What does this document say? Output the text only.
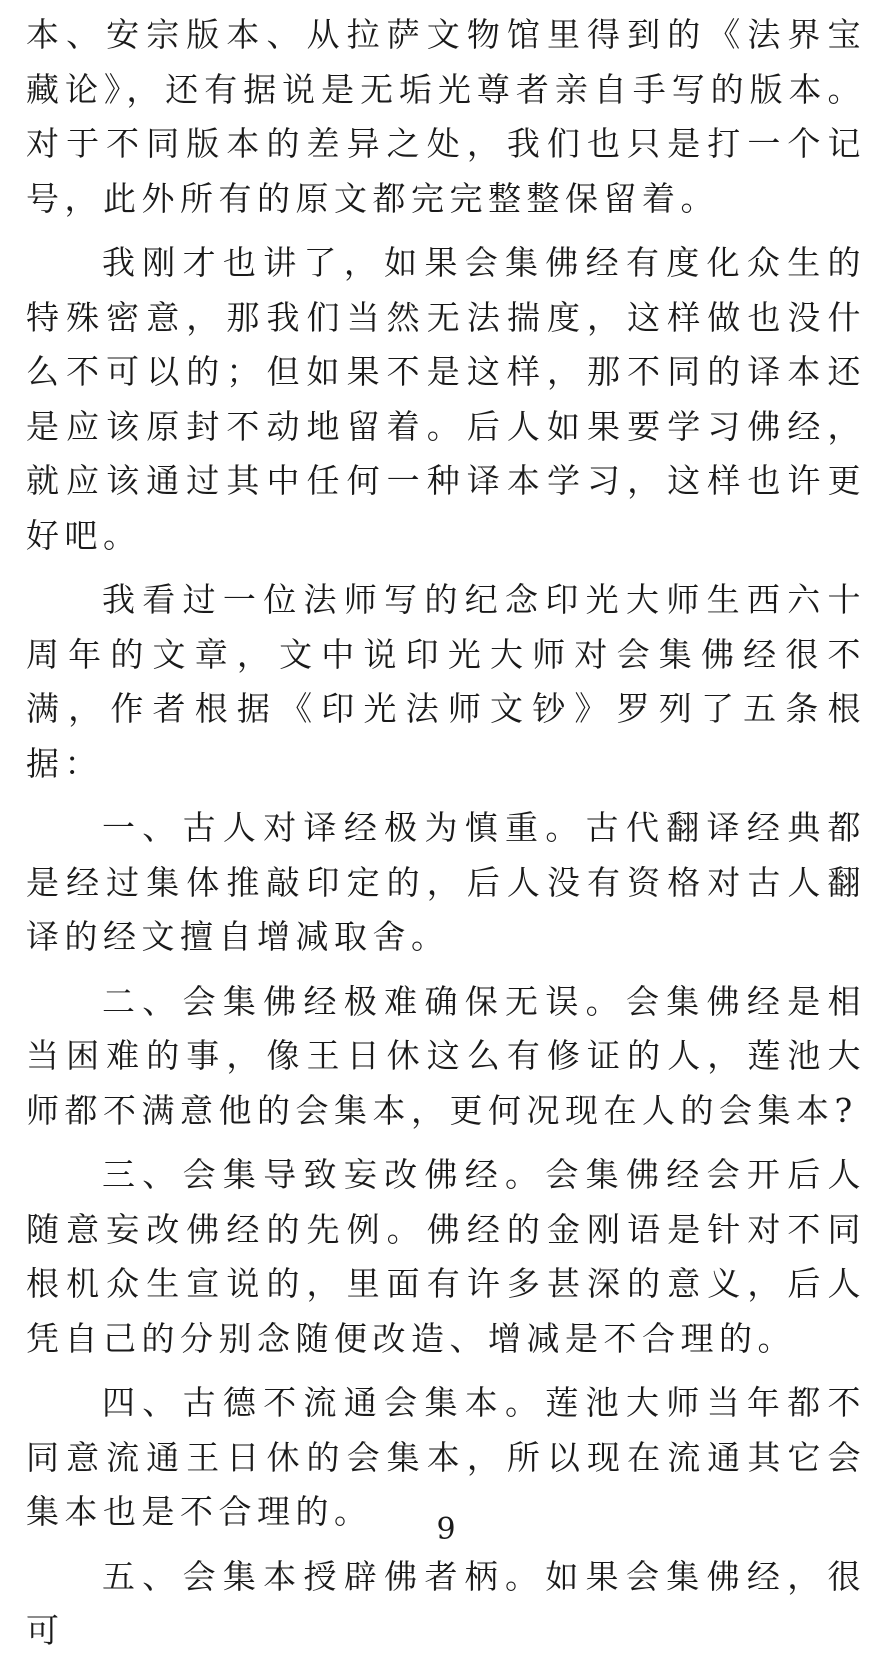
本、安宗版本、从拉萨文物馆里得到的《法界宝藏论》，还有据说是无垢光尊者亲自手写的版本。对于不同版本的差异之处，我们也只是打一个记号，此外所有的原文都完完整整保留着。

我刚才也讲了，如果会集佛经有度化众生的特殊密意，那我们当然无法揣度，这样做也没什么不可以的；但如果不是这样，那不同的译本还是应该原封不动地留着。后人如果要学习佛经，就应该通过其中任何一种译本学习，这样也许更好吧。

我看过一位法师写的纪念印光大师生西六十周年的文章，文中说印光大师对会集佛经很不满，作者根据《印光法师文钞》罗列了五条根据：

一、古人对译经极为慎重。古代翻译经典都是经过集体推敲印定的，后人没有资格对古人翻译的经文擅自增减取舍。

二、会集佛经极难确保无误。会集佛经是相当困难的事，像王日休这么有修证的人，莲池大师都不满意他的会集本，更何况现在人的会集本?

三、会集导致妄改佛经。会集佛经会开后人随意妄改佛经的先例。佛经的金刚语是针对不同根机众生宣说的，里面有许多甚深的意义，后人凭自己的分别念随便改造、增减是不合理的。

四、古德不流通会集本。莲池大师当年都不同意流通王日休的会集本，所以现在流通其它会集本也是不合理的。

五、会集本授辟佛者柄。如果会集佛经，很可

9
